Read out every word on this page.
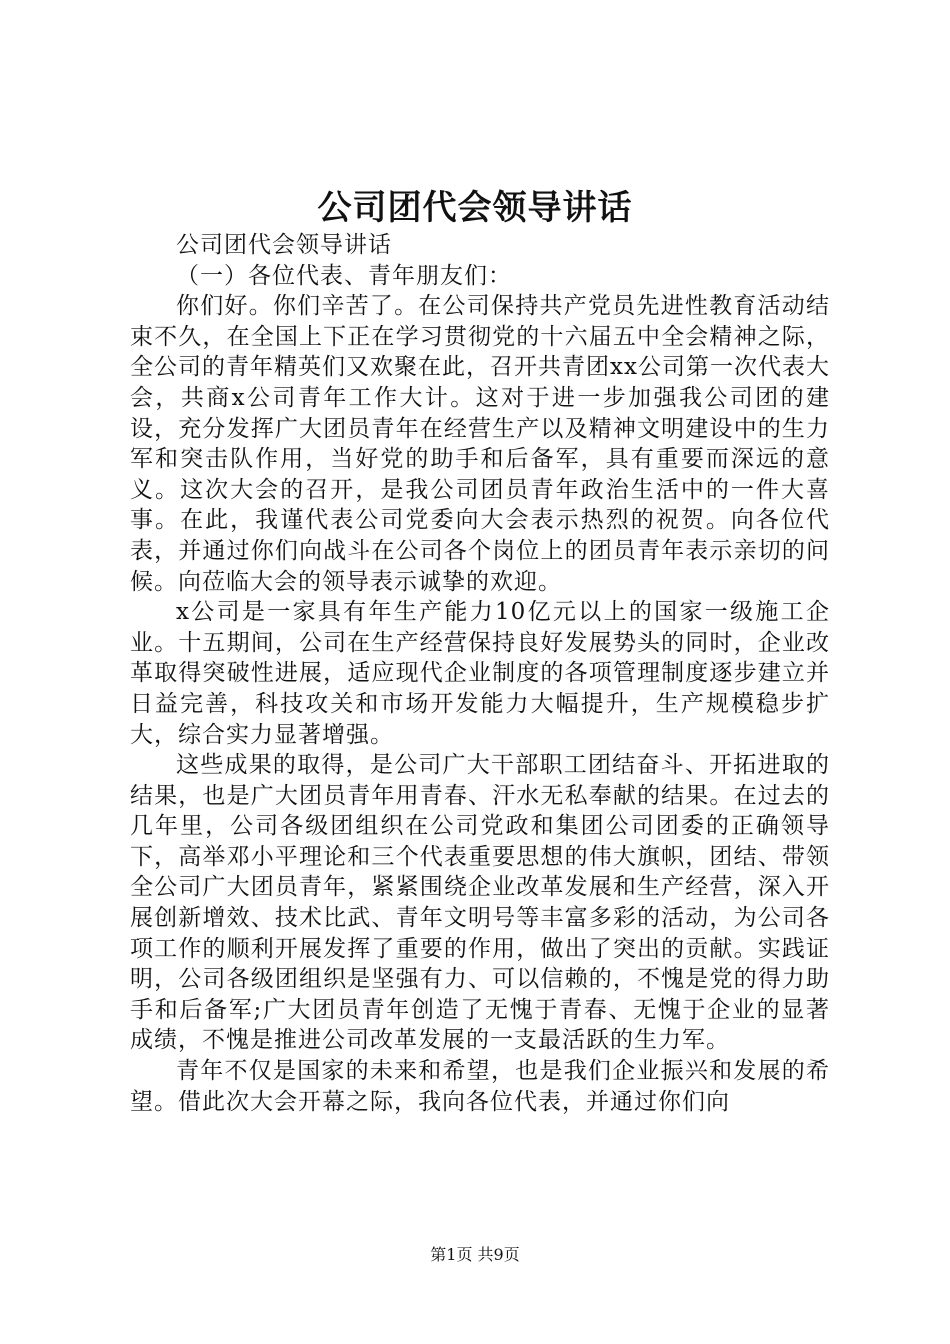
公司团代会领导讲话

公司团代会领导讲话

（一）各位代表、青年朋友们：

你们好。你们辛苦了。在公司保持共产党员先进性教育活动结束不久，在全国上下正在学习贯彻党的十六届五中全会精神之际，全公司的青年精英们又欢聚在此，召开共青团xx公司第一次代表大会，共商x公司青年工作大计。这对于进一步加强我公司团的建设，充分发挥广大团员青年在经营生产以及精神文明建设中的生力军和突击队作用，当好党的助手和后备军，具有重要而深远的意义。这次大会的召开，是我公司团员青年政治生活中的一件大喜事。在此，我谨代表公司党委向大会表示热烈的祝贺。向各位代表，并通过你们向战斗在公司各个岗位上的团员青年表示亲切的问候。向莅临大会的领导表示诚挚的欢迎。

x公司是一家具有年生产能力10亿元以上的国家一级施工企业。十五期间，公司在生产经营保持良好发展势头的同时，企业改革取得突破性进展，适应现代企业制度的各项管理制度逐步建立并日益完善，科技攻关和市场开发能力大幅提升，生产规模稳步扩大，综合实力显著增强。

这些成果的取得，是公司广大干部职工团结奋斗、开拓进取的结果，也是广大团员青年用青春、汗水无私奉献的结果。在过去的几年里，公司各级团组织在公司党政和集团公司团委的正确领导下，高举邓小平理论和三个代表重要思想的伟大旗帜，团结、带领全公司广大团员青年，紧紧围绕企业改革发展和生产经营，深入开展创新增效、技术比武、青年文明号等丰富多彩的活动，为公司各项工作的顺利开展发挥了重要的作用，做出了突出的贡献。实践证明，公司各级团组织是坚强有力、可以信赖的，不愧是党的得力助手和后备军;广大团员青年创造了无愧于青春、无愧于企业的显著成绩，不愧是推进公司改革发展的一支最活跃的生力军。

青年不仅是国家的未来和希望，也是我们企业振兴和发展的希望。借此次大会开幕之际，我向各位代表，并通过你们向

第1页 共9页
